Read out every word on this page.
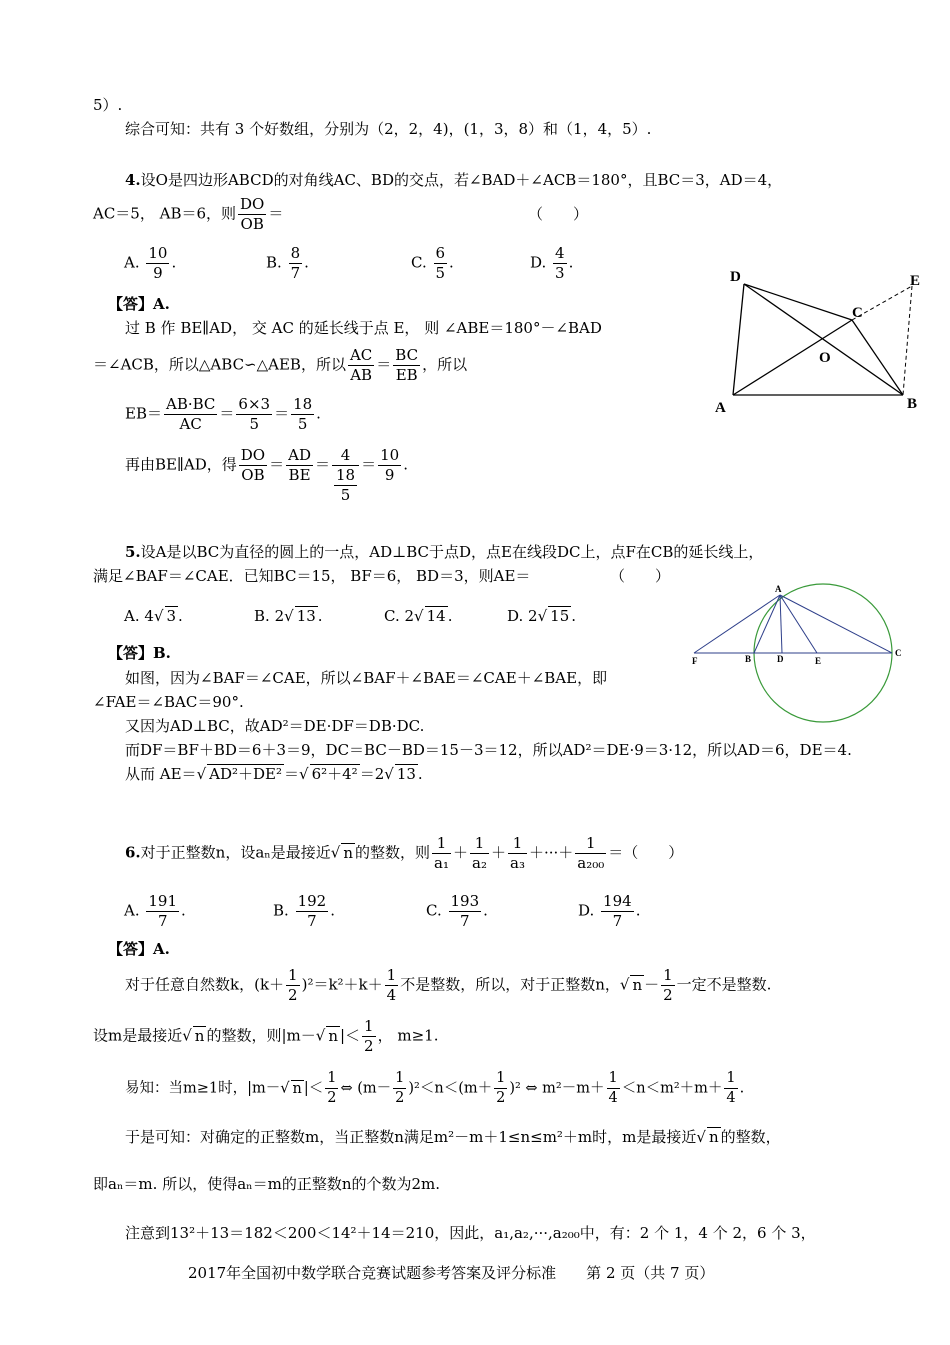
5）.
综合可知：共有 3 个好数组，分别为（2，2，4)，(1，3，8）和（1，4，5）.
4.设O是四边形ABCD的对角线AC、BD的交点，若∠BAD＋∠ACB＝180°，且BC＝3，AD＝4，
AC＝5， AB＝6，则 $\frac{DO}{OB}$ ＝	（　　）
A. $\frac{10}{9}$ .	B. $\frac{8}{7}$ .	C. $\frac{6}{5}$ .	D. $\frac{4}{3}$ .
【答】A.
过 B 作 BE∥AD， 交 AC 的延长线于点 E， 则 ∠ABE＝180°－∠BAD
＝∠ACB，所以△ABC∽△AEB，所以 $\frac{AC}{AB} = \frac{BC}{EB}$ ，所以
$EB= \frac{AB\cdot BC}{AC} = \frac{6\times 3}{5} = \frac{18}{5}$ .
再由BE∥AD，得 $\frac{DO}{OB} = \frac{AD}{BE} = \frac{4}{\frac{18}{5}} = \frac{10}{9}$ .
A	B
C
D	E
O
5.设A是以BC为直径的圆上的一点，AD⊥BC于点D，点E在线段DC上，点F在CB的延长线上，
满足∠BAF＝∠CAE．已知BC＝15， BF＝6， BD＝3，则AE＝	（　　）
A. 4√ 3 .	B. 2√ 13 .	C. 2√ 14 .	D. 2√ 15 .
【答】B.
如图，因为∠BAF＝∠CAE，所以∠BAF＋∠BAE＝∠CAE＋∠BAE，即
∠FAE＝∠BAC＝90°.
又因为AD⊥BC，故AD²＝DE·DF＝DB·DC.
而DF＝BF＋BD＝6＋3＝9，DC＝BC－BD＝15－3＝12，所以AD²＝DE·9＝3·12，所以AD＝6，DE＝4.
从而 AE＝√ AD²＋DE² ＝√ 6²＋4² ＝2√ 13 .
A
F	B	D	E
C
6.对于正整数n，设aₙ是最接近√ n 的整数，则 $\frac{1}{\text{a₁}} + \frac{1}{\text{a₂}} + \frac{1}{\text{a₃}}$ ＋···＋ $\frac{1}{\text{a₂₀₀}}$ ＝（　　）
A. $\frac{191}{7}$ .	B. $\frac{192}{7}$ .	C. $\frac{193}{7}$ .	D. $\frac{194}{7}$ .
【答】A.
对于任意自然数k，$(k+ \frac{1}{2} )^2=k^2+k+ \frac{1}{4}$ 不是整数，所以，对于正整数n，√ $n - \frac{1}{2}$ 一定不是整数.
设m是最接近√ n 的整数，则|m－√ n |＜ $\frac{1}{2}$ ， m≥1.
易知：当m≥1时，|m－√ n |＜ $\frac{1}{2}$ ⇔ $(m- \frac{1}{2} )^2<n<(m+ \frac{1}{2} )^2$ ⇔ $m^2-m+ \frac{1}{4} <n<m^2+m+ \frac{1}{4}$ .
于是可知：对确定的正整数m，当正整数n满足m²－m＋1≤n≤m²＋m时，m是最接近√ n 的整数，
即aₙ＝m. 所以，使得aₙ＝m的正整数n的个数为2m.
注意到13²＋13＝182＜200＜14²＋14＝210，因此，a₁,a₂,···,a₂₀₀中，有：2 个 1，4 个 2，6 个 3，
2017年全国初中数学联合竞赛试题参考答案及评分标准　　第 2 页（共 7 页）
